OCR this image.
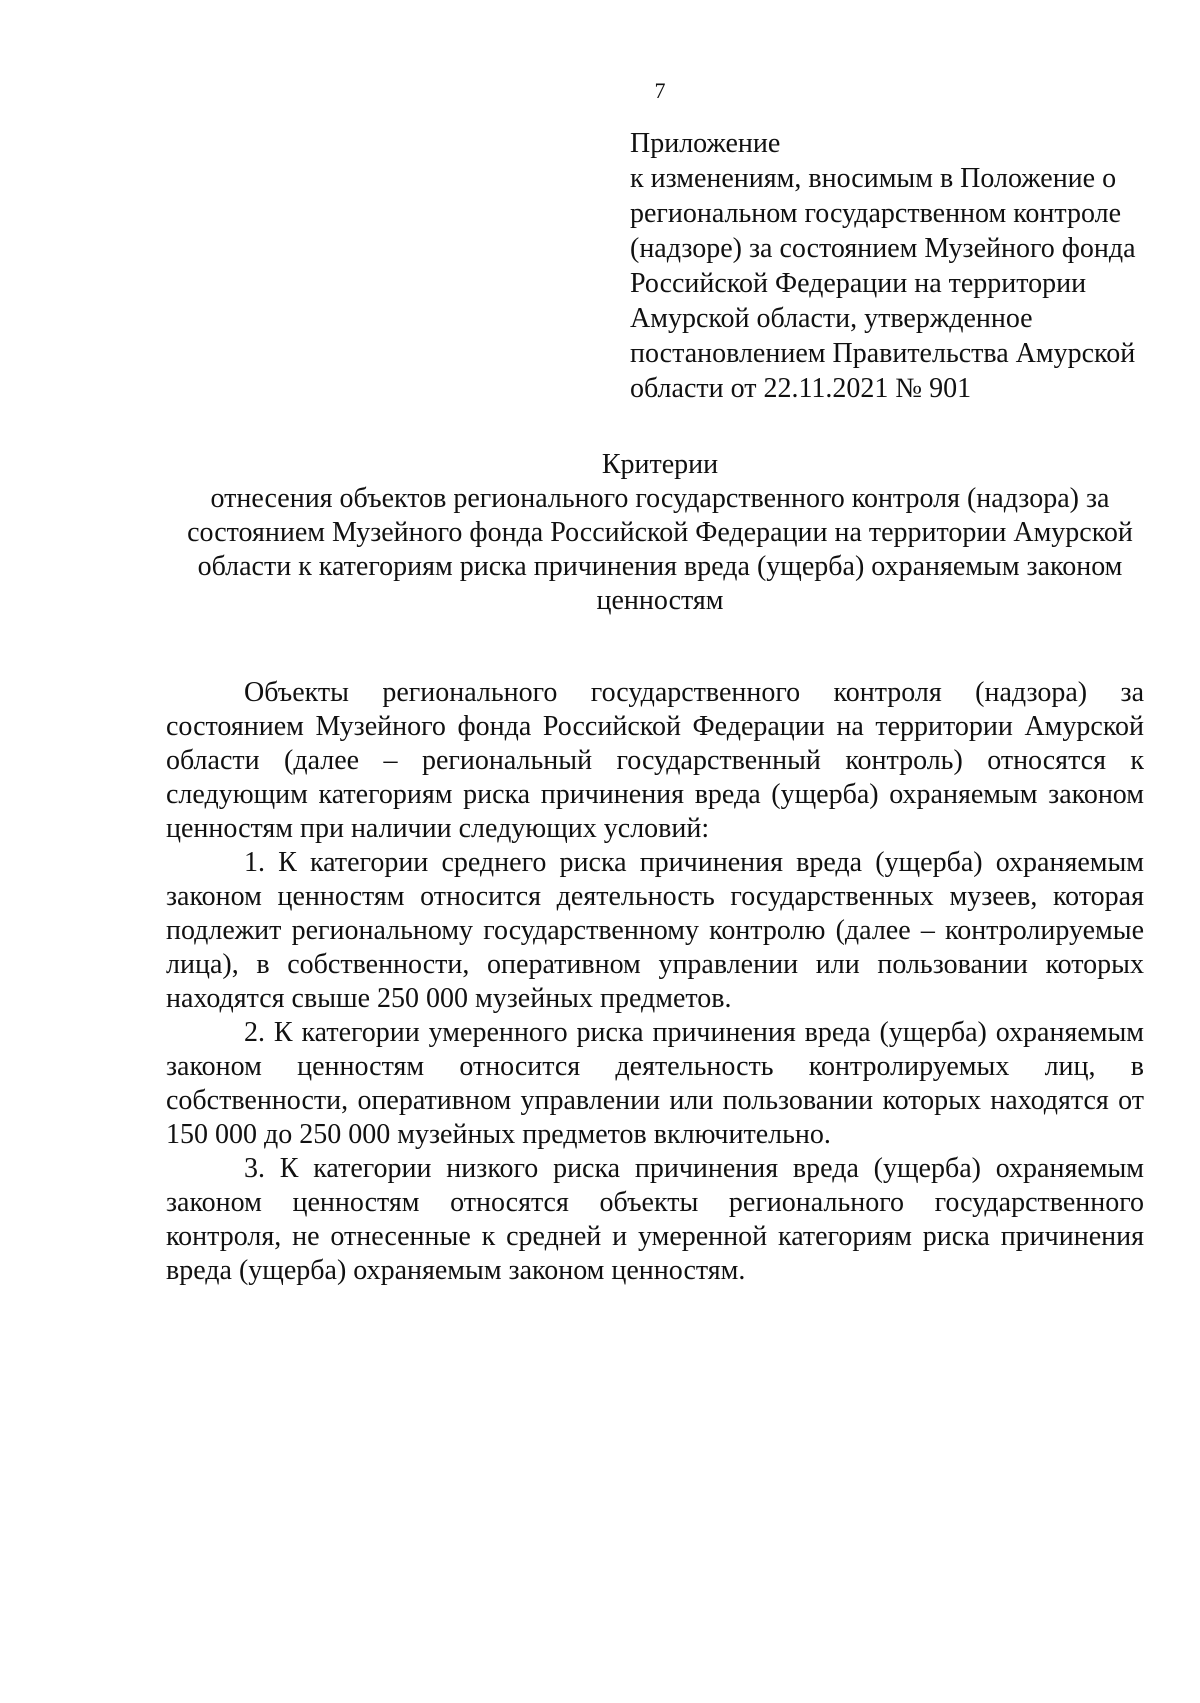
7
Приложение
к изменениям, вносимым в Положение о
региональном государственном контроле
(надзоре) за состоянием Музейного фонда
Российской Федерации на территории
Амурской области, утвержденное
постановлением Правительства Амурской
области от 22.11.2021 № 901
Критерии
отнесения объектов регионального государственного контроля (надзора) за
состоянием Музейного фонда Российской Федерации на территории Амурской
области к категориям риска причинения вреда (ущерба) охраняемым законом
ценностям

Объекты регионального государственного контроля (надзора) за состоянием Музейного фонда Российской Федерации на территории Амурской области (далее – региональный государственный контроль) относятся к следующим категориям риска причинения вреда (ущерба) охраняемым законом ценностям при наличии следующих условий:

1. К категории среднего риска причинения вреда (ущерба) охраняемым законом ценностям относится деятельность государственных музеев, которая подлежит региональному государственному контролю (далее – контролируемые лица), в собственности, оперативном управлении или пользовании которых находятся свыше 250 000 музейных предметов.

2. К категории умеренного риска причинения вреда (ущерба) охраняемым законом ценностям относится деятельность контролируемых лиц, в собственности, оперативном управлении или пользовании которых находятся от 150 000 до 250 000 музейных предметов включительно.

3. К категории низкого риска причинения вреда (ущерба) охраняемым законом ценностям относятся объекты регионального государственного контроля, не отнесенные к средней и умеренной категориям риска причинения вреда (ущерба) охраняемым законом ценностям.
